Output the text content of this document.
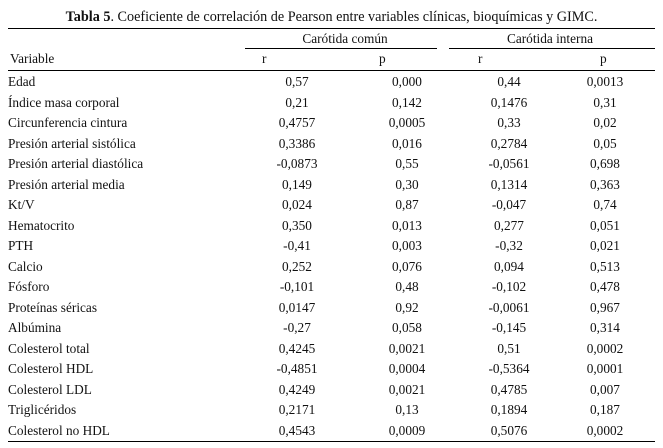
Tabla 5. Coeficiente de correlación de Pearson entre variables clínicas, bioquímicas y GIMC.
Carótida común	Carótida interna
Variable	r	p	r	p
Edad	0,57	0,000	0,44	0,0013
Índice masa corporal	0,21	0,142	0,1476	0,31
Circunferencia cintura	0,4757	0,0005	0,33	0,02
Presión arterial sistólica	0,3386	0,016	0,2784	0,05
Presión arterial diastólica	-0,0873	0,55	-0,0561	0,698
Presión arterial media	0,149	0,30	0,1314	0,363
Kt/V	0,024	0,87	-0,047	0,74
Hematocrito	0,350	0,013	0,277	0,051
PTH	-0,41	0,003	-0,32	0,021
Calcio	0,252	0,076	0,094	0,513
Fósforo	-0,101	0,48	-0,102	0,478
Proteínas séricas	0,0147	0,92	-0,0061	0,967
Albúmina	-0,27	0,058	-0,145	0,314
Colesterol total	0,4245	0,0021	0,51	0,0002
Colesterol HDL	-0,4851	0,0004	-0,5364	0,0001
Colesterol LDL	0,4249	0,0021	0,4785	0,007
Triglicéridos	0,2171	0,13	0,1894	0,187
Colesterol no HDL	0,4543	0,0009	0,5076	0,0002
